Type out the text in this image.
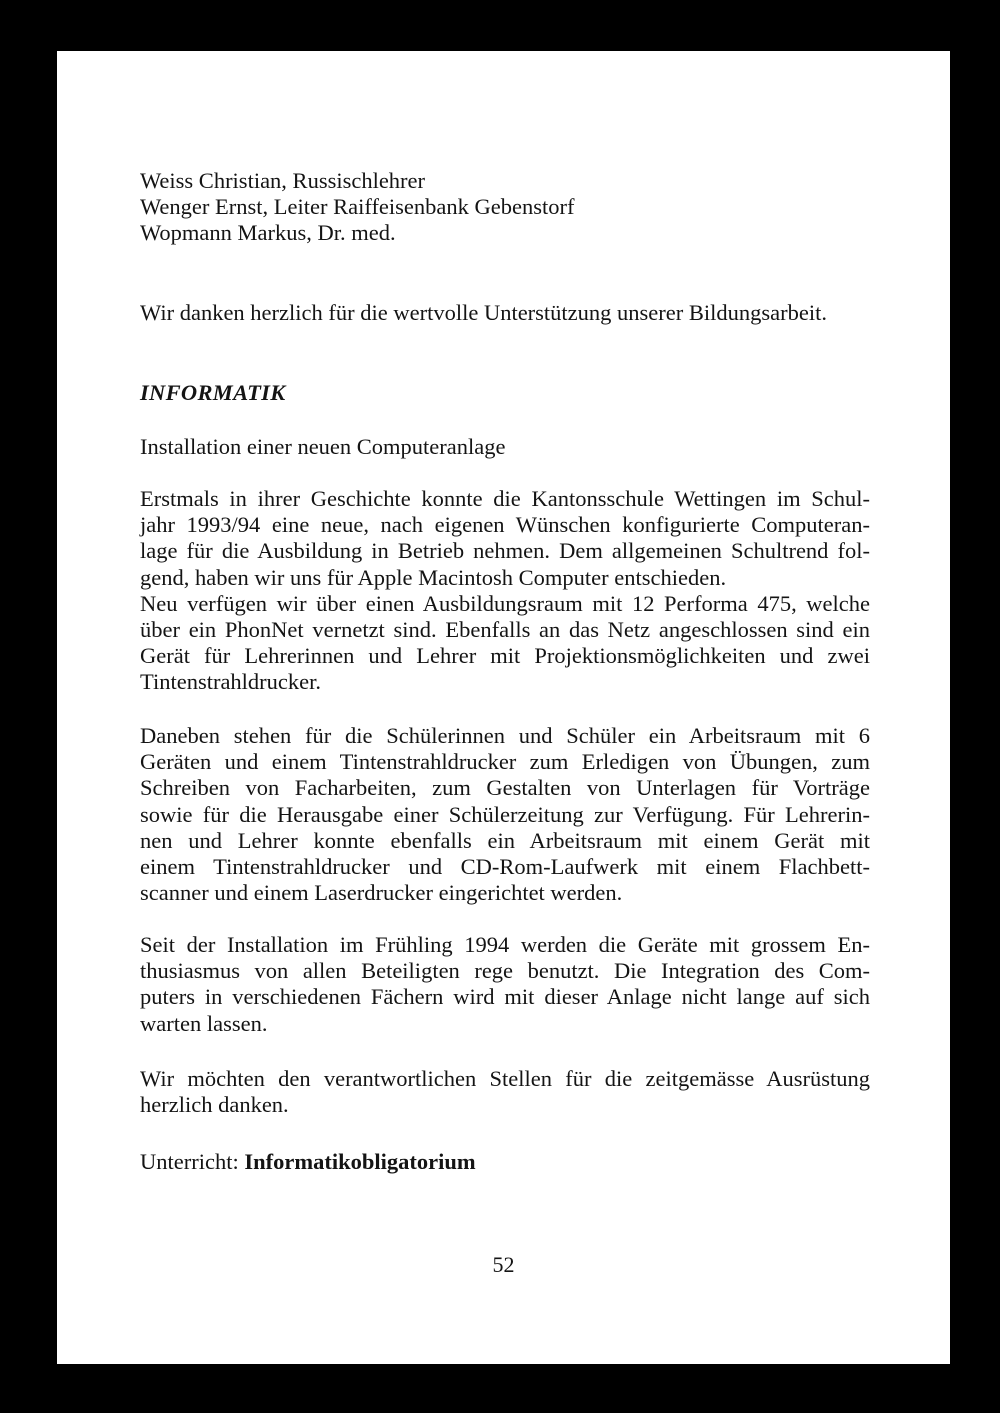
Weiss Christian, Russischlehrer
Wenger Ernst, Leiter Raiffeisenbank Gebenstorf
Wopmann Markus, Dr. med.
Wir danken herzlich für die wertvolle Unterstützung unserer Bildungsarbeit.
INFORMATIK
Installation einer neuen Computeranlage
Erstmals in ihrer Geschichte konnte die Kantonsschule Wettingen im Schul-
jahr 1993/94 eine neue, nach eigenen Wünschen konfigurierte Computeran-
lage für die Ausbildung in Betrieb nehmen. Dem allgemeinen Schultrend fol-
gend, haben wir uns für Apple Macintosh Computer entschieden.
Neu verfügen wir über einen Ausbildungsraum mit 12 Performa 475, welche
über ein PhonNet vernetzt sind. Ebenfalls an das Netz angeschlossen sind ein
Gerät für Lehrerinnen und Lehrer mit Projektionsmöglichkeiten und zwei
Tintenstrahldrucker.
Daneben stehen für die Schülerinnen und Schüler ein Arbeitsraum mit 6
Geräten und einem Tintenstrahldrucker zum Erledigen von Übungen, zum
Schreiben von Facharbeiten, zum Gestalten von Unterlagen für Vorträge
sowie für die Herausgabe einer Schülerzeitung zur Verfügung. Für Lehrerin-
nen und Lehrer konnte ebenfalls ein Arbeitsraum mit einem Gerät mit
einem Tintenstrahldrucker und CD-Rom-Laufwerk mit einem Flachbett-
scanner und einem Laserdrucker eingerichtet werden.
Seit der Installation im Frühling 1994 werden die Geräte mit grossem En-
thusiasmus von allen Beteiligten rege benutzt. Die Integration des Com-
puters in verschiedenen Fächern wird mit dieser Anlage nicht lange auf sich
warten lassen.
Wir möchten den verantwortlichen Stellen für die zeitgemässe Ausrüstung
herzlich danken.
Unterricht: Informatikobligatorium
52
